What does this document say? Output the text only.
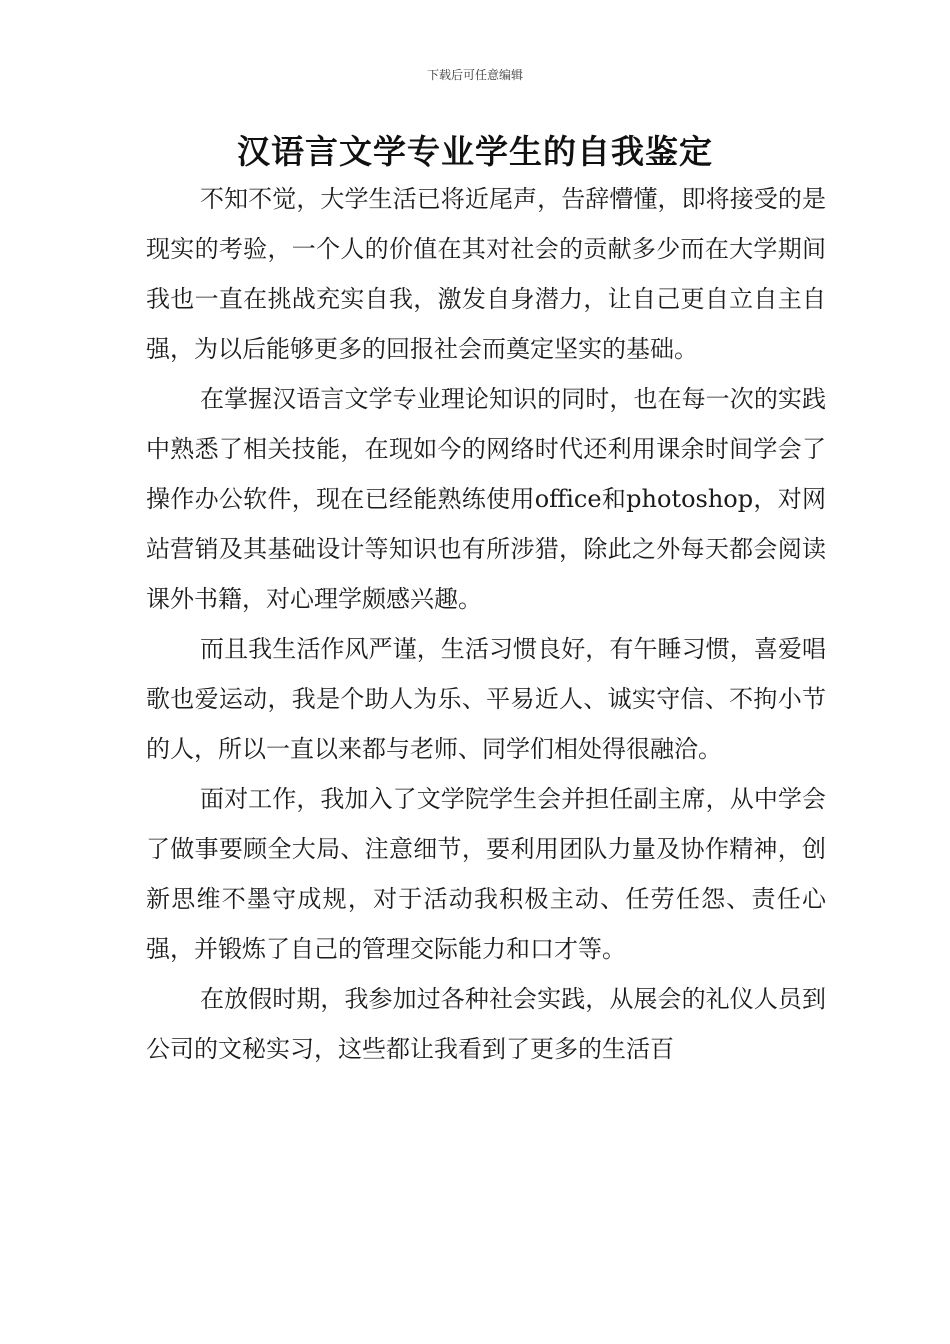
下载后可任意编辑
汉语言文学专业学生的自我鉴定

不知不觉，大学生活已将近尾声，告辞懵懂，即将接受的是现实的考验，一个人的价值在其对社会的贡献多少而在大学期间我也一直在挑战充实自我，激发自身潜力，让自己更自立自主自强，为以后能够更多的回报社会而奠定坚实的基础。

在掌握汉语言文学专业理论知识的同时，也在每一次的实践中熟悉了相关技能，在现如今的网络时代还利用课余时间学会了操作办公软件，现在已经能熟练使用office和photoshop，对网站营销及其基础设计等知识也有所涉猎，除此之外每天都会阅读课外书籍，对心理学颇感兴趣。

而且我生活作风严谨，生活习惯良好，有午睡习惯，喜爱唱歌也爱运动，我是个助人为乐、平易近人、诚实守信、不拘小节的人，所以一直以来都与老师、同学们相处得很融洽。

面对工作，我加入了文学院学生会并担任副主席，从中学会了做事要顾全大局、注意细节，要利用团队力量及协作精神，创新思维不墨守成规，对于活动我积极主动、任劳任怨、责任心强，并锻炼了自己的管理交际能力和口才等。

在放假时期，我参加过各种社会实践，从展会的礼仪人员到公司的文秘实习，这些都让我看到了更多的生活百
